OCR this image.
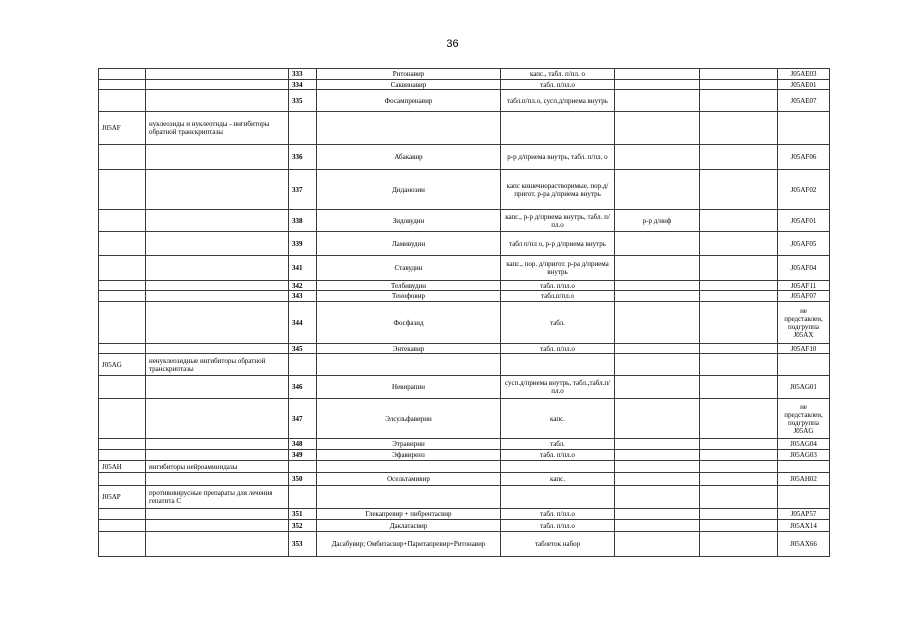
36
		333	Ритонавир	капс., табл. п/пл. о			J05AE03
		334	Саквинавир	табл. п/пл.о			J05AE01
		335	Фосампренавир	табл.п/пл.о, сусп.д/приема внутрь			J05AE07
J05AF	нуклеозиды и нуклеотиды - ингибиторы обратной транскриптазы						
		336	Абакавир	р-р д/приема внутрь, табл. п/пл. о			J05AF06
		337	Диданозин	капс кишечнорастворимые, пор.д/пригот. р-ра д/приема внутрь			J05AF02
		338	Зидовудин	капс., р-р д/приема внутрь, табл. п/пл.о	р-р д/инф		J05AF01
		339	Ламивудин	табл п/пл о, р-р д/приема внутрь			J05AF05
		341	Ставудин	капс., пор. д/пригот. р-ра д/приема внутрь			J05AF04
		342	Телбивудин	табл. п/пл.о			J05AF11
		343	Тенофовир	табл.п/пл.о			J05AF07
		344	Фосфазид	табл.			не представлен, подгруппа J05AX
		345	Энтекавир	табл. п/пл.о			J05AF10
J05AG	ненуклеозидные ингибиторы обратной транскриптазы						
		346	Невирапин	сусп.д/приема внутрь, табл.,табл.п/пл.о			J05AG01
		347	Элсульфавирин	капс.			не представлен, подгруппа J05AG
		348	Этравирин	табл.			J05AG04
		349	Эфавиренз	табл. п/пл.о			J05AG03
J05AH	ингибиторы нейроаминидазы						
		350	Осельтамивир	капс.			J05AH02
J05AP	противовирусные препараты для лечения гепатита С						
		351	Глекапревир + пибрентасвир	табл. п/пл.о			J05AP57
		352	Даклатасвир	табл. п/пл.о			J05AX14
		353	Дасабувир; Омбитасвир+Паритапревир+Ритонавир	таблеток набор			J05AX66
